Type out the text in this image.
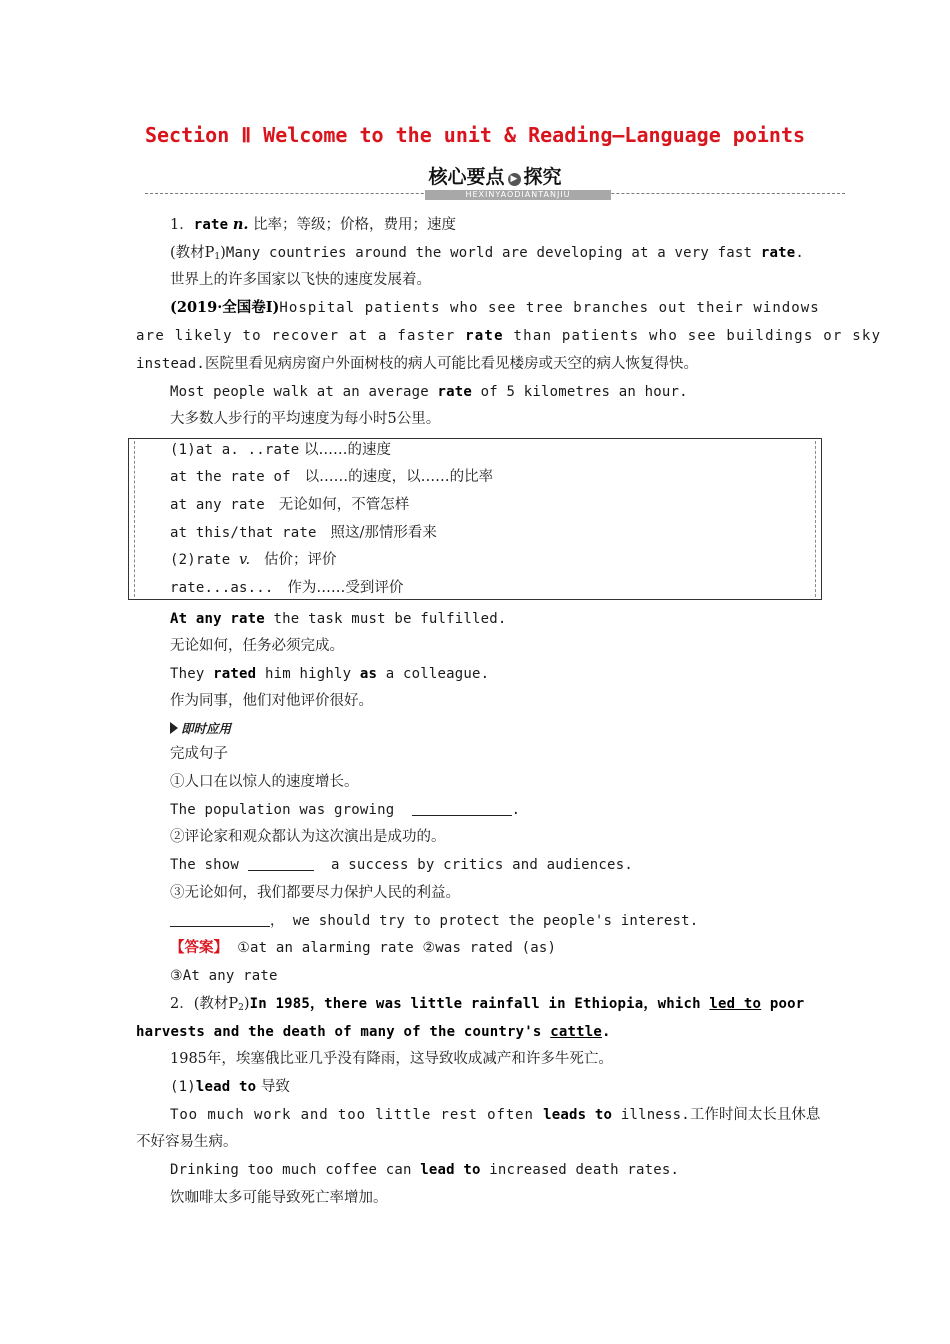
Section Ⅱ Welcome to the unit & Reading—Language points
核心要点 ▶ 探究
HEXINYAODIANTANJIU
1．rate n. 比率；等级；价格，费用；速度
(教材$P_1)Many$ countries around the world are developing at a very fast rate.
世界上的许多国家以飞快的速度发展着。
(2019·全国卷Ⅰ)Hospital patients who see tree branches out their windows
are likely to recover at a faster rate than patients who see buildings or sky
instead.医院里看见病房窗户外面树枝的病人可能比看见楼房或天空的病人恢复得快。
Most people walk at an average rate of 5 kilometres an hour.
大多数人步行的平均速度为每小时5公里。
(1)at a. ..rate 以……的速度
at the rate of 以……的速度，以……的比率
at any rate 无论如何，不管怎样
at this/that rate 照这/那情形看来
(2)rate v. 估价；评价
rate...as... 作为……受到评价
At any rate the task must be fulfilled.
无论如何，任务必须完成。
They rated him highly as a colleague.
作为同事，他们对他评价很好。
即时应用
完成句子
①人口在以惊人的速度增长。
The population was growing	.
②评论家和观众都认为这次演出是成功的。
The show	a success by critics and audiences.
③无论如何，我们都要尽力保护人民的利益。
， we should try to protect the people's interest.
【答案】 ①at an alarming rate ②was rated (as)
③At any rate
2．(教材$P_2)In$ 1985，there was little rainfall in Ethiopia，which led to poor
harvests and the death of many of the country's cattle.
1985年，埃塞俄比亚几乎没有降雨，这导致收成减产和许多牛死亡。
(1)lead to 导致
Too much work and too little rest often leads to illness.工作时间太长且休息
不好容易生病。
Drinking too much coffee can lead to increased death rates.
饮咖啡太多可能导致死亡率增加。
